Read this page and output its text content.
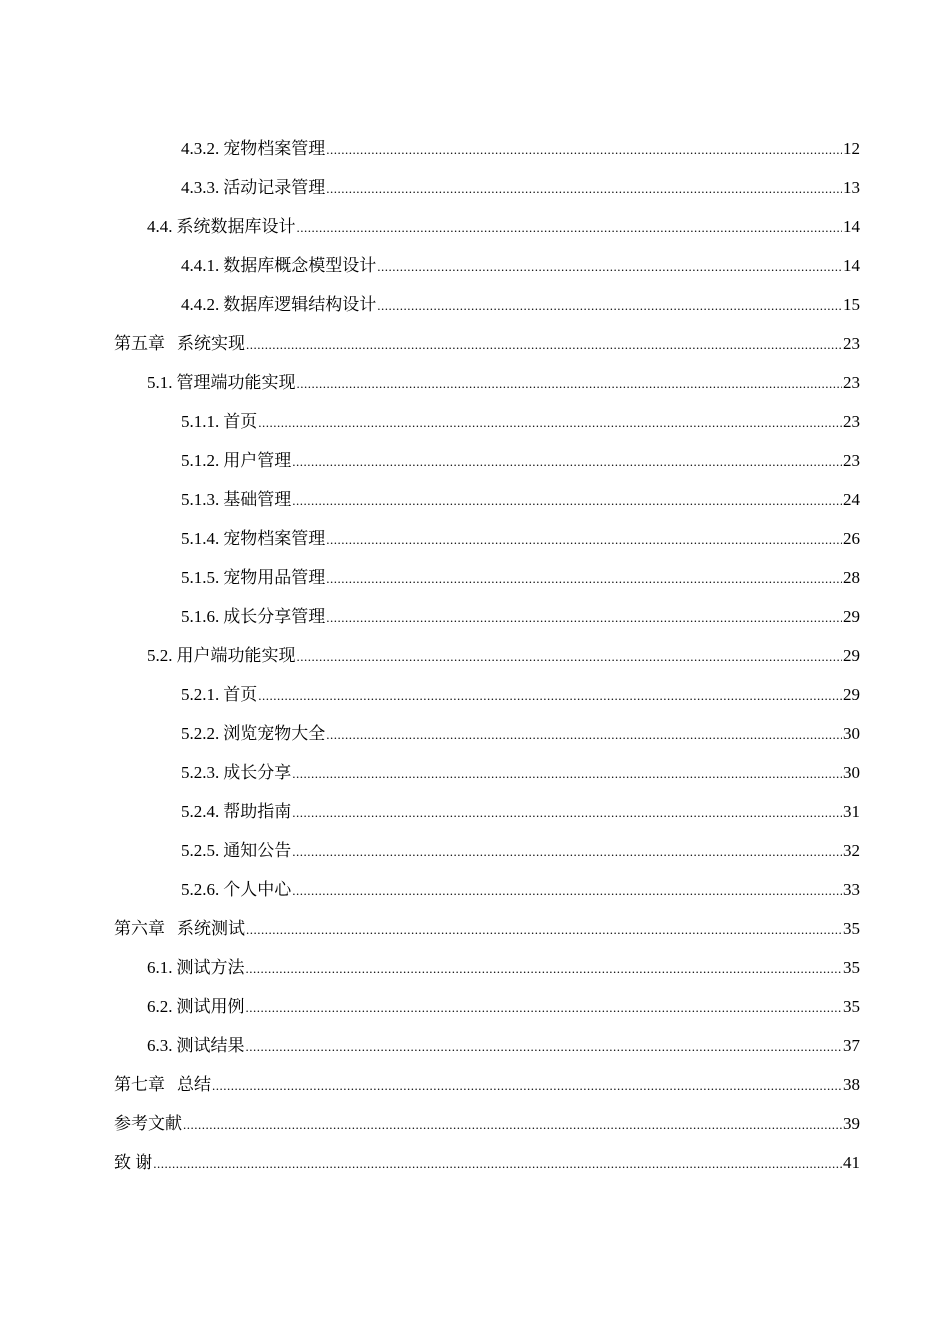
4.3.2. 宠物档案管理 .....	12
4.3.3. 活动记录管理 .....	13
4.4. 系统数据库设计 .....	14
4.4.1. 数据库概念模型设计 .....	14
4.4.2. 数据库逻辑结构设计 .....	15
第五章 系统实现 .....	23
5.1. 管理端功能实现 .....	23
5.1.1. 首页 .....	23
5.1.2. 用户管理 .....	23
5.1.3. 基础管理 .....	24
5.1.4. 宠物档案管理 .....	26
5.1.5. 宠物用品管理 .....	28
5.1.6. 成长分享管理 .....	29
5.2. 用户端功能实现 .....	29
5.2.1. 首页 .....	29
5.2.2. 浏览宠物大全 .....	30
5.2.3. 成长分享 .....	30
5.2.4. 帮助指南 .....	31
5.2.5. 通知公告 .....	32
5.2.6. 个人中心 .....	33
第六章 系统测试 .....	35
6.1. 测试方法 .....	35
6.2. 测试用例 .....	35
6.3. 测试结果 .....	37
第七章 总结 .....	38
参考文献 .....	39
致 谢 .....	41
